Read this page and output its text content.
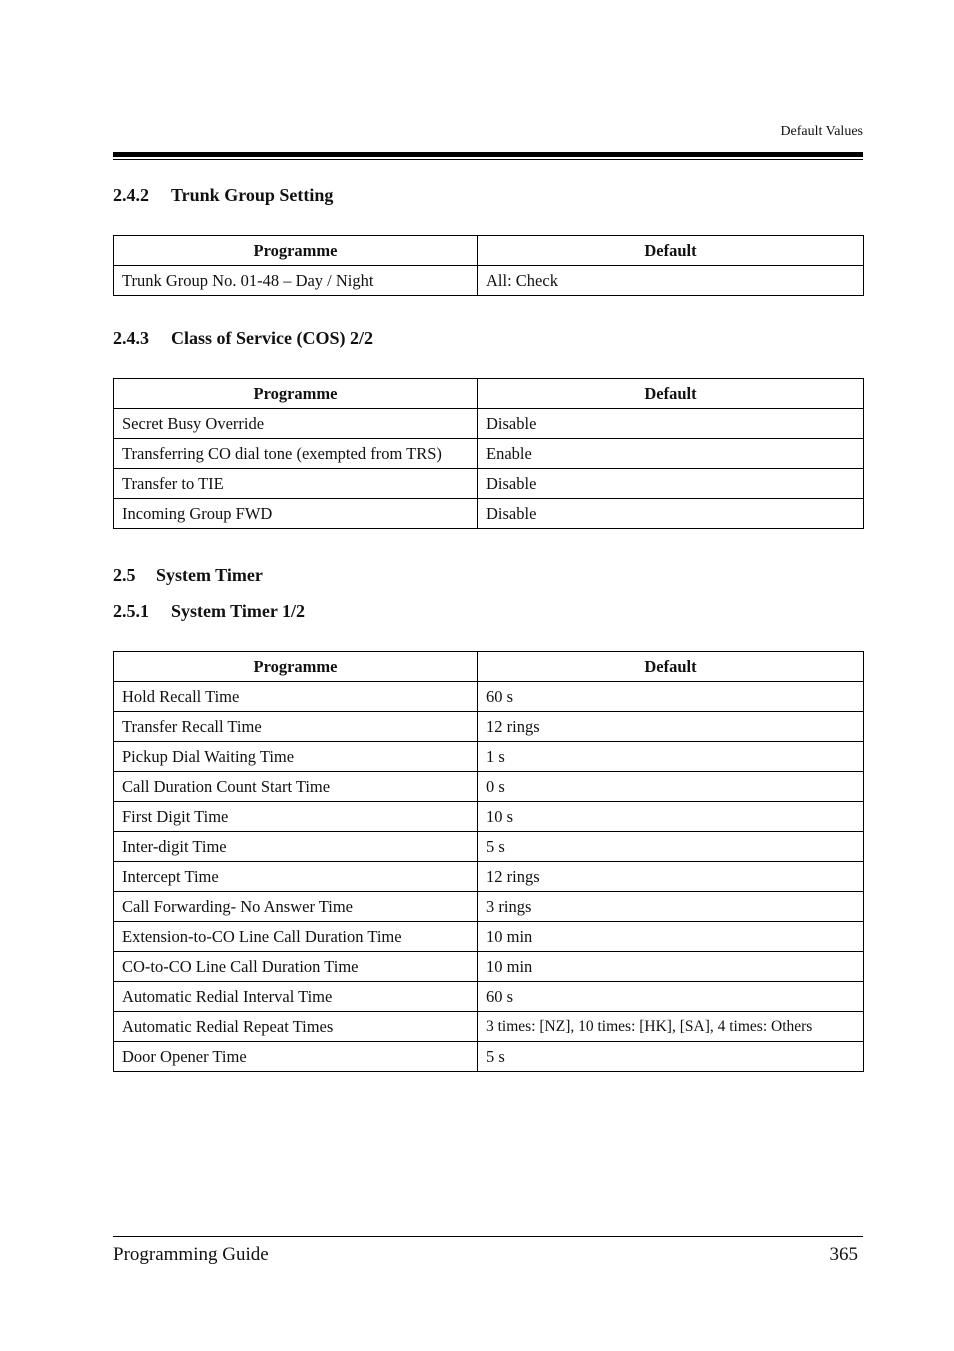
Default Values
2.4.2 Trunk Group Setting
Programme	Default
Trunk Group No. 01-48 – Day / Night	All: Check
2.4.3 Class of Service (COS) 2/2
Programme	Default
Secret Busy Override	Disable
Transferring CO dial tone (exempted from TRS)	Enable
Transfer to TIE	Disable
Incoming Group FWD	Disable
2.5 System Timer
2.5.1 System Timer 1/2
Programme	Default
Hold Recall Time	60 s
Transfer Recall Time	12 rings
Pickup Dial Waiting Time	1 s
Call Duration Count Start Time	0 s
First Digit Time	10 s
Inter-digit Time	5 s
Intercept Time	12 rings
Call Forwarding- No Answer Time	3 rings
Extension-to-CO Line Call Duration Time	10 min
CO-to-CO Line Call Duration Time	10 min
Automatic Redial Interval Time	60 s
Automatic Redial Repeat Times	3 times: [NZ], 10 times: [HK], [SA], 4 times: Others
Door Opener Time	5 s
Programming Guide	365
